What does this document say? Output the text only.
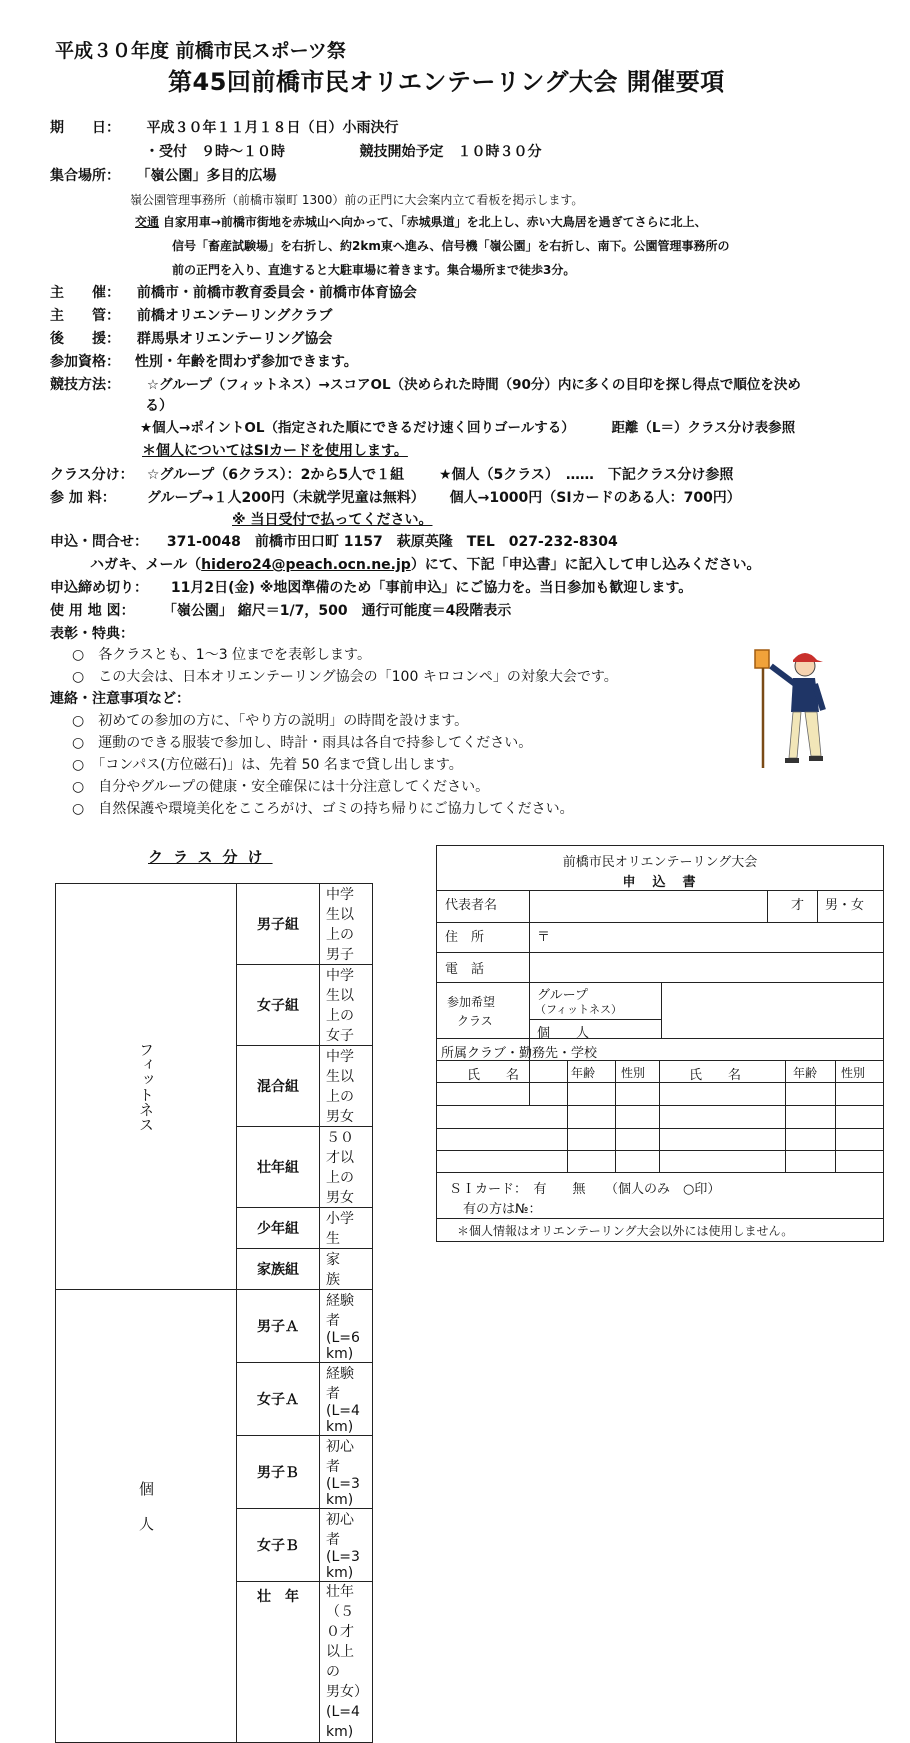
平成３０年度 前橋市民スポーツ祭
第45回前橋市民オリエンテーリング大会 開催要項
期　　日： 平成３０年１１月１８日（日）小雨決行
・受付　９時～１０時	競技開始予定　１０時３０分
集合場所： 「嶺公園」多目的広場
嶺公園管理事務所（前橋市嶺町 1300）前の正門に大会案内立て看板を掲示します。
交通 自家用車→前橋市街地を赤城山へ向かって、「赤城県道」を北上し、赤い大鳥居を過ぎてさらに北上、
信号「畜産試験場」を右折し、約2km東へ進み、信号機「嶺公園」を右折し、南下。公園管理事務所の
前の正門を入り、直進すると大駐車場に着きます。集合場所まで徒歩3分。
主　　催： 前橋市・前橋市教育委員会・前橋市体育協会
主　　管： 前橋オリエンテーリングクラブ
後　　援： 群馬県オリエンテーリング協会
参加資格： 性別・年齢を問わず参加できます。
競技方法： ☆グループ（フィットネス）→スコアOL（決められた時間（90分）内に多くの目印を探し得点で順位を決め
る）
★個人→ポイントOL（指定された順にできるだけ速く回りゴールする）	距離（L＝）クラス分け表参照
＊個人についてはSIカードを使用します。
クラス分け： ☆グループ（6クラス）：2から5人で１組 ★個人（5クラス）　……　下記クラス分け参照
参 加 料： グループ→１人200円（未就学児童は無料） 個人→1000円（SIカードのある人：700円）
※ 当日受付で払ってください。
申込・問合せ： 371-0048　前橋市田口町 1157　萩原英隆　TEL　027-232-8304
ハガキ、メール（hidero24@peach.ocn.ne.jp）にて、下記「申込書」に記入して申し込みください。
申込締め切り： 11月2日(金) ※地図準備のため「事前申込」にご協力を。当日参加も歓迎します。
使 用 地 図： 「嶺公園」 縮尺＝1/7，500　通行可能度＝4段階表示
表彰・特典：
○　各クラスとも、1～3 位までを表彰します。
○　この大会は、日本オリエンテーリング協会の「100 キロコンペ」の対象大会です。
連絡・注意事項など：
○　初めての参加の方に、「やり方の説明」の時間を設けます。
○　運動のできる服装で参加し、時計・雨具は各自で持参してください。
○　「コンパス(方位磁石)」は、先着 50 名まで貸し出します。
○　自分やグループの健康・安全確保には十分注意してください。
○　自然保護や環境美化をこころがけ、ゴミの持ち帰りにご協力してください。
クラス分け
フィットネス	男子組	中学生以上の男子
	女子組	中学生以上の女子
	混合組	中学生以上の男女
	壮年組	５０才以上の男女
	少年組	小学生
	家族組	家　族

個人	男子Ａ	経験者(L=6 km)
	女子Ａ	経験者(L=4 km)
	男子Ｂ	初心者(L=3 km)
	女子Ｂ	初心者(L=3 km)
	壮　年	壮年（５０才以上の
男女）(L=4 km)
前橋市民オリエンテーリング大会
申　込　書
代表者名	才 男・女
住　所	〒
電　話
参加希望
クラス
グループ
（フィットネス）
個　　人
所属クラブ・勤務先・学校
氏　　名	年齢 性別	氏　　名	年齢 性別
ＳＩカード：　有　　無　　（個人のみ　○印）
有の方は№：
＊個人情報はオリエンテーリング大会以外には使用しません。
